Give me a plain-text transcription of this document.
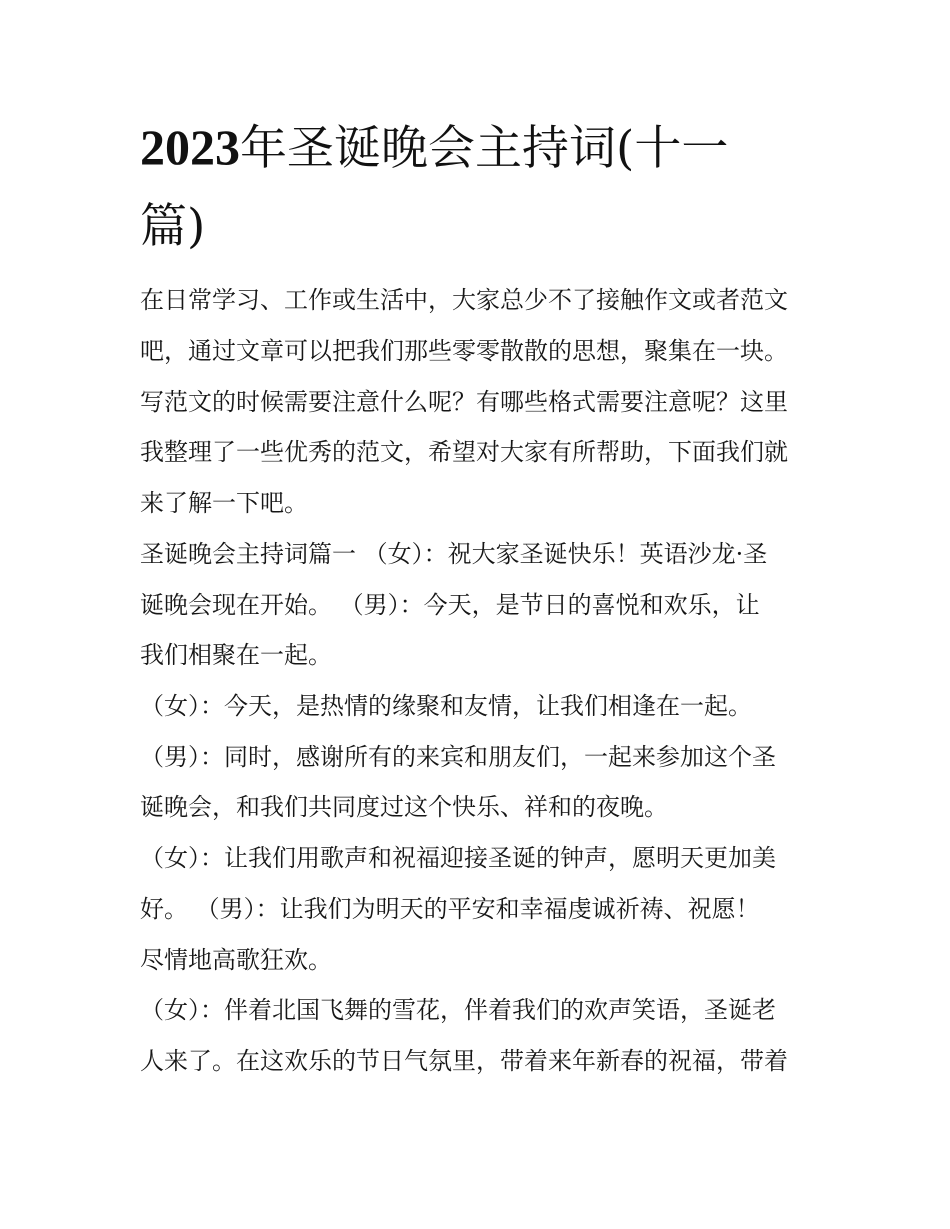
2023年圣诞晚会主持词(十一
篇)
在日常学习、工作或生活中，大家总少不了接触作文或者范文
吧，通过文章可以把我们那些零零散散的思想，聚集在一块。
写范文的时候需要注意什么呢？有哪些格式需要注意呢？这里
我整理了一些优秀的范文，希望对大家有所帮助，下面我们就
来了解一下吧。
圣诞晚会主持词篇一 （女）：祝大家圣诞快乐！英语沙龙·圣
诞晚会现在开始。 （男）：今天，是节日的喜悦和欢乐，让
我们相聚在一起。
（女）：今天，是热情的缘聚和友情，让我们相逢在一起。
（男）：同时，感谢所有的来宾和朋友们，一起来参加这个圣
诞晚会，和我们共同度过这个快乐、祥和的夜晚。
（女）：让我们用歌声和祝福迎接圣诞的钟声，愿明天更加美
好。 （男）：让我们为明天的平安和幸福虔诚祈祷、祝愿！
尽情地高歌狂欢。
（女）：伴着北国飞舞的雪花，伴着我们的欢声笑语，圣诞老
人来了。在这欢乐的节日气氛里，带着来年新春的祝福，带着
